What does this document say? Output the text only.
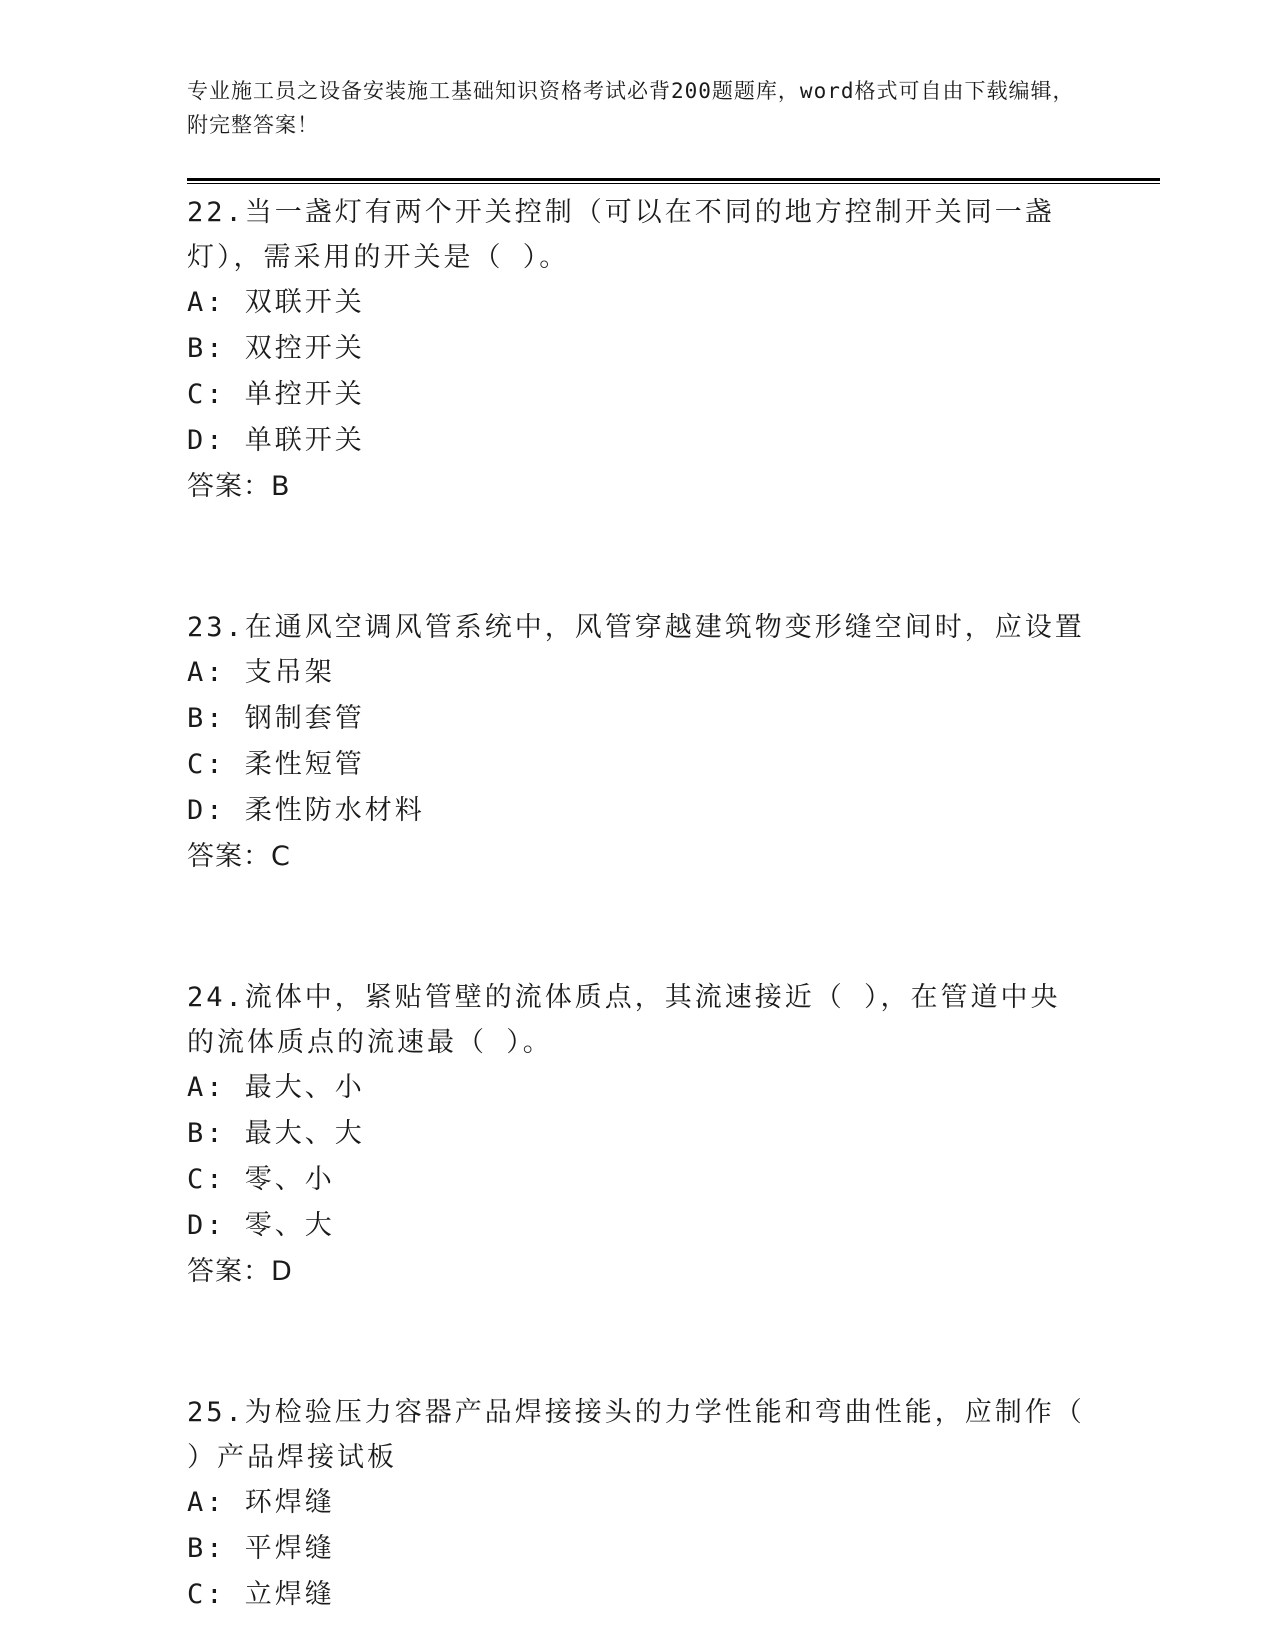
专业施工员之设备安装施工基础知识资格考试必背200题题库，word格式可自由下载编辑，附完整答案！

22.当一盏灯有两个开关控制（可以在不同的地方控制开关同一盏灯），需采用的开关是（ ）。

A: 双联开关

B: 双控开关

C: 单控开关

D: 单联开关

答案：B

23.在通风空调风管系统中，风管穿越建筑物变形缝空间时，应设置

A: 支吊架

B: 钢制套管

C: 柔性短管

D: 柔性防水材料

答案：C

24.流体中，紧贴管壁的流体质点，其流速接近（ ），在管道中央的流体质点的流速最（ ）。

A: 最大、小

B: 最大、大

C: 零、小

D: 零、大

答案：D

25.为检验压力容器产品焊接接头的力学性能和弯曲性能，应制作（ ）产品焊接试板

A: 环焊缝

B: 平焊缝

C: 立焊缝
